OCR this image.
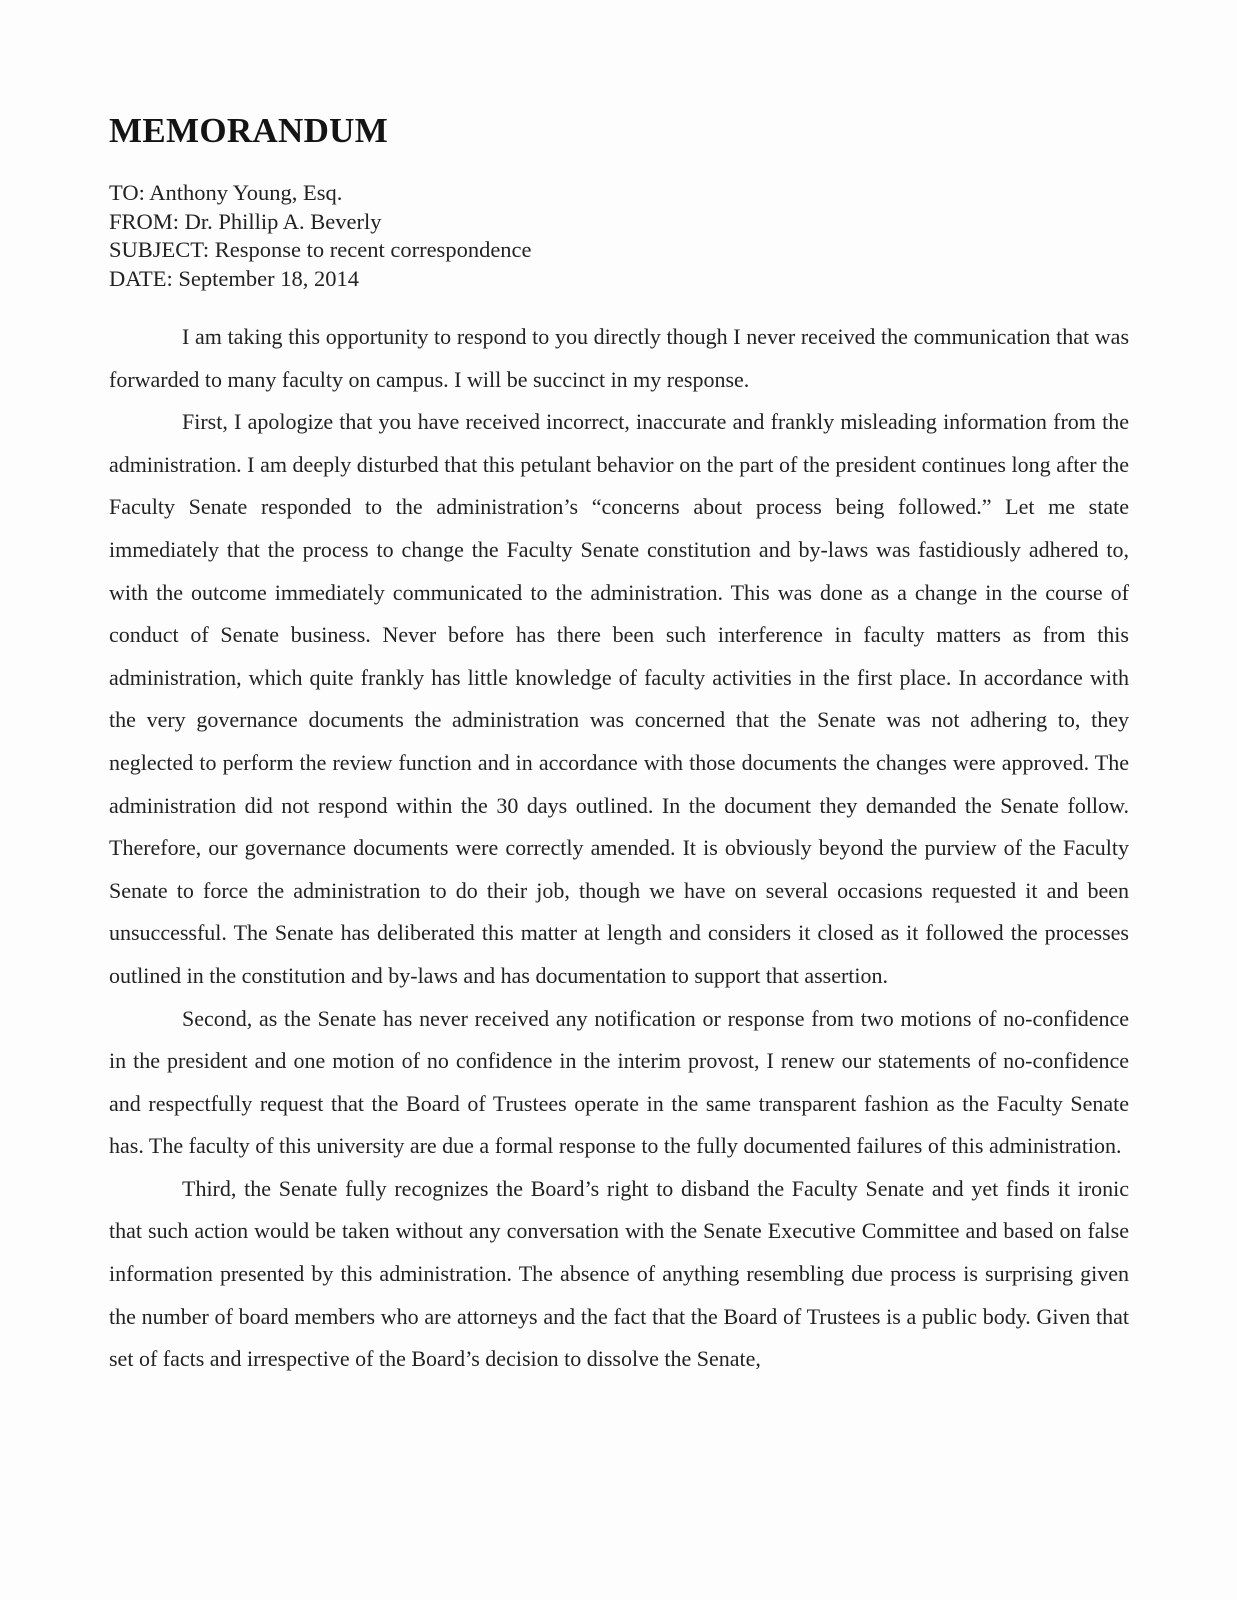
MEMORANDUM
TO: Anthony Young, Esq.
FROM: Dr. Phillip A. Beverly
SUBJECT: Response to recent correspondence
DATE: September 18, 2014

I am taking this opportunity to respond to you directly though I never received the communication that was forwarded to many faculty on campus. I will be succinct in my response.

First, I apologize that you have received incorrect, inaccurate and frankly misleading information from the administration. I am deeply disturbed that this petulant behavior on the part of the president continues long after the Faculty Senate responded to the administration’s “concerns about process being followed.” Let me state immediately that the process to change the Faculty Senate constitution and by-laws was fastidiously adhered to, with the outcome immediately communicated to the administration. This was done as a change in the course of conduct of Senate business. Never before has there been such interference in faculty matters as from this administration, which quite frankly has little knowledge of faculty activities in the first place. In accordance with the very governance documents the administration was concerned that the Senate was not adhering to, they neglected to perform the review function and in accordance with those documents the changes were approved. The administration did not respond within the 30 days outlined. In the document they demanded the Senate follow. Therefore, our governance documents were correctly amended. It is obviously beyond the purview of the Faculty Senate to force the administration to do their job, though we have on several occasions requested it and been unsuccessful. The Senate has deliberated this matter at length and considers it closed as it followed the processes outlined in the constitution and by-laws and has documentation to support that assertion.

Second, as the Senate has never received any notification or response from two motions of no-confidence in the president and one motion of no confidence in the interim provost, I renew our statements of no-confidence and respectfully request that the Board of Trustees operate in the same transparent fashion as the Faculty Senate has. The faculty of this university are due a formal response to the fully documented failures of this administration.

Third, the Senate fully recognizes the Board’s right to disband the Faculty Senate and yet finds it ironic that such action would be taken without any conversation with the Senate Executive Committee and based on false information presented by this administration. The absence of anything resembling due process is surprising given the number of board members who are attorneys and the fact that the Board of Trustees is a public body. Given that set of facts and irrespective of the Board’s decision to dissolve the Senate,
